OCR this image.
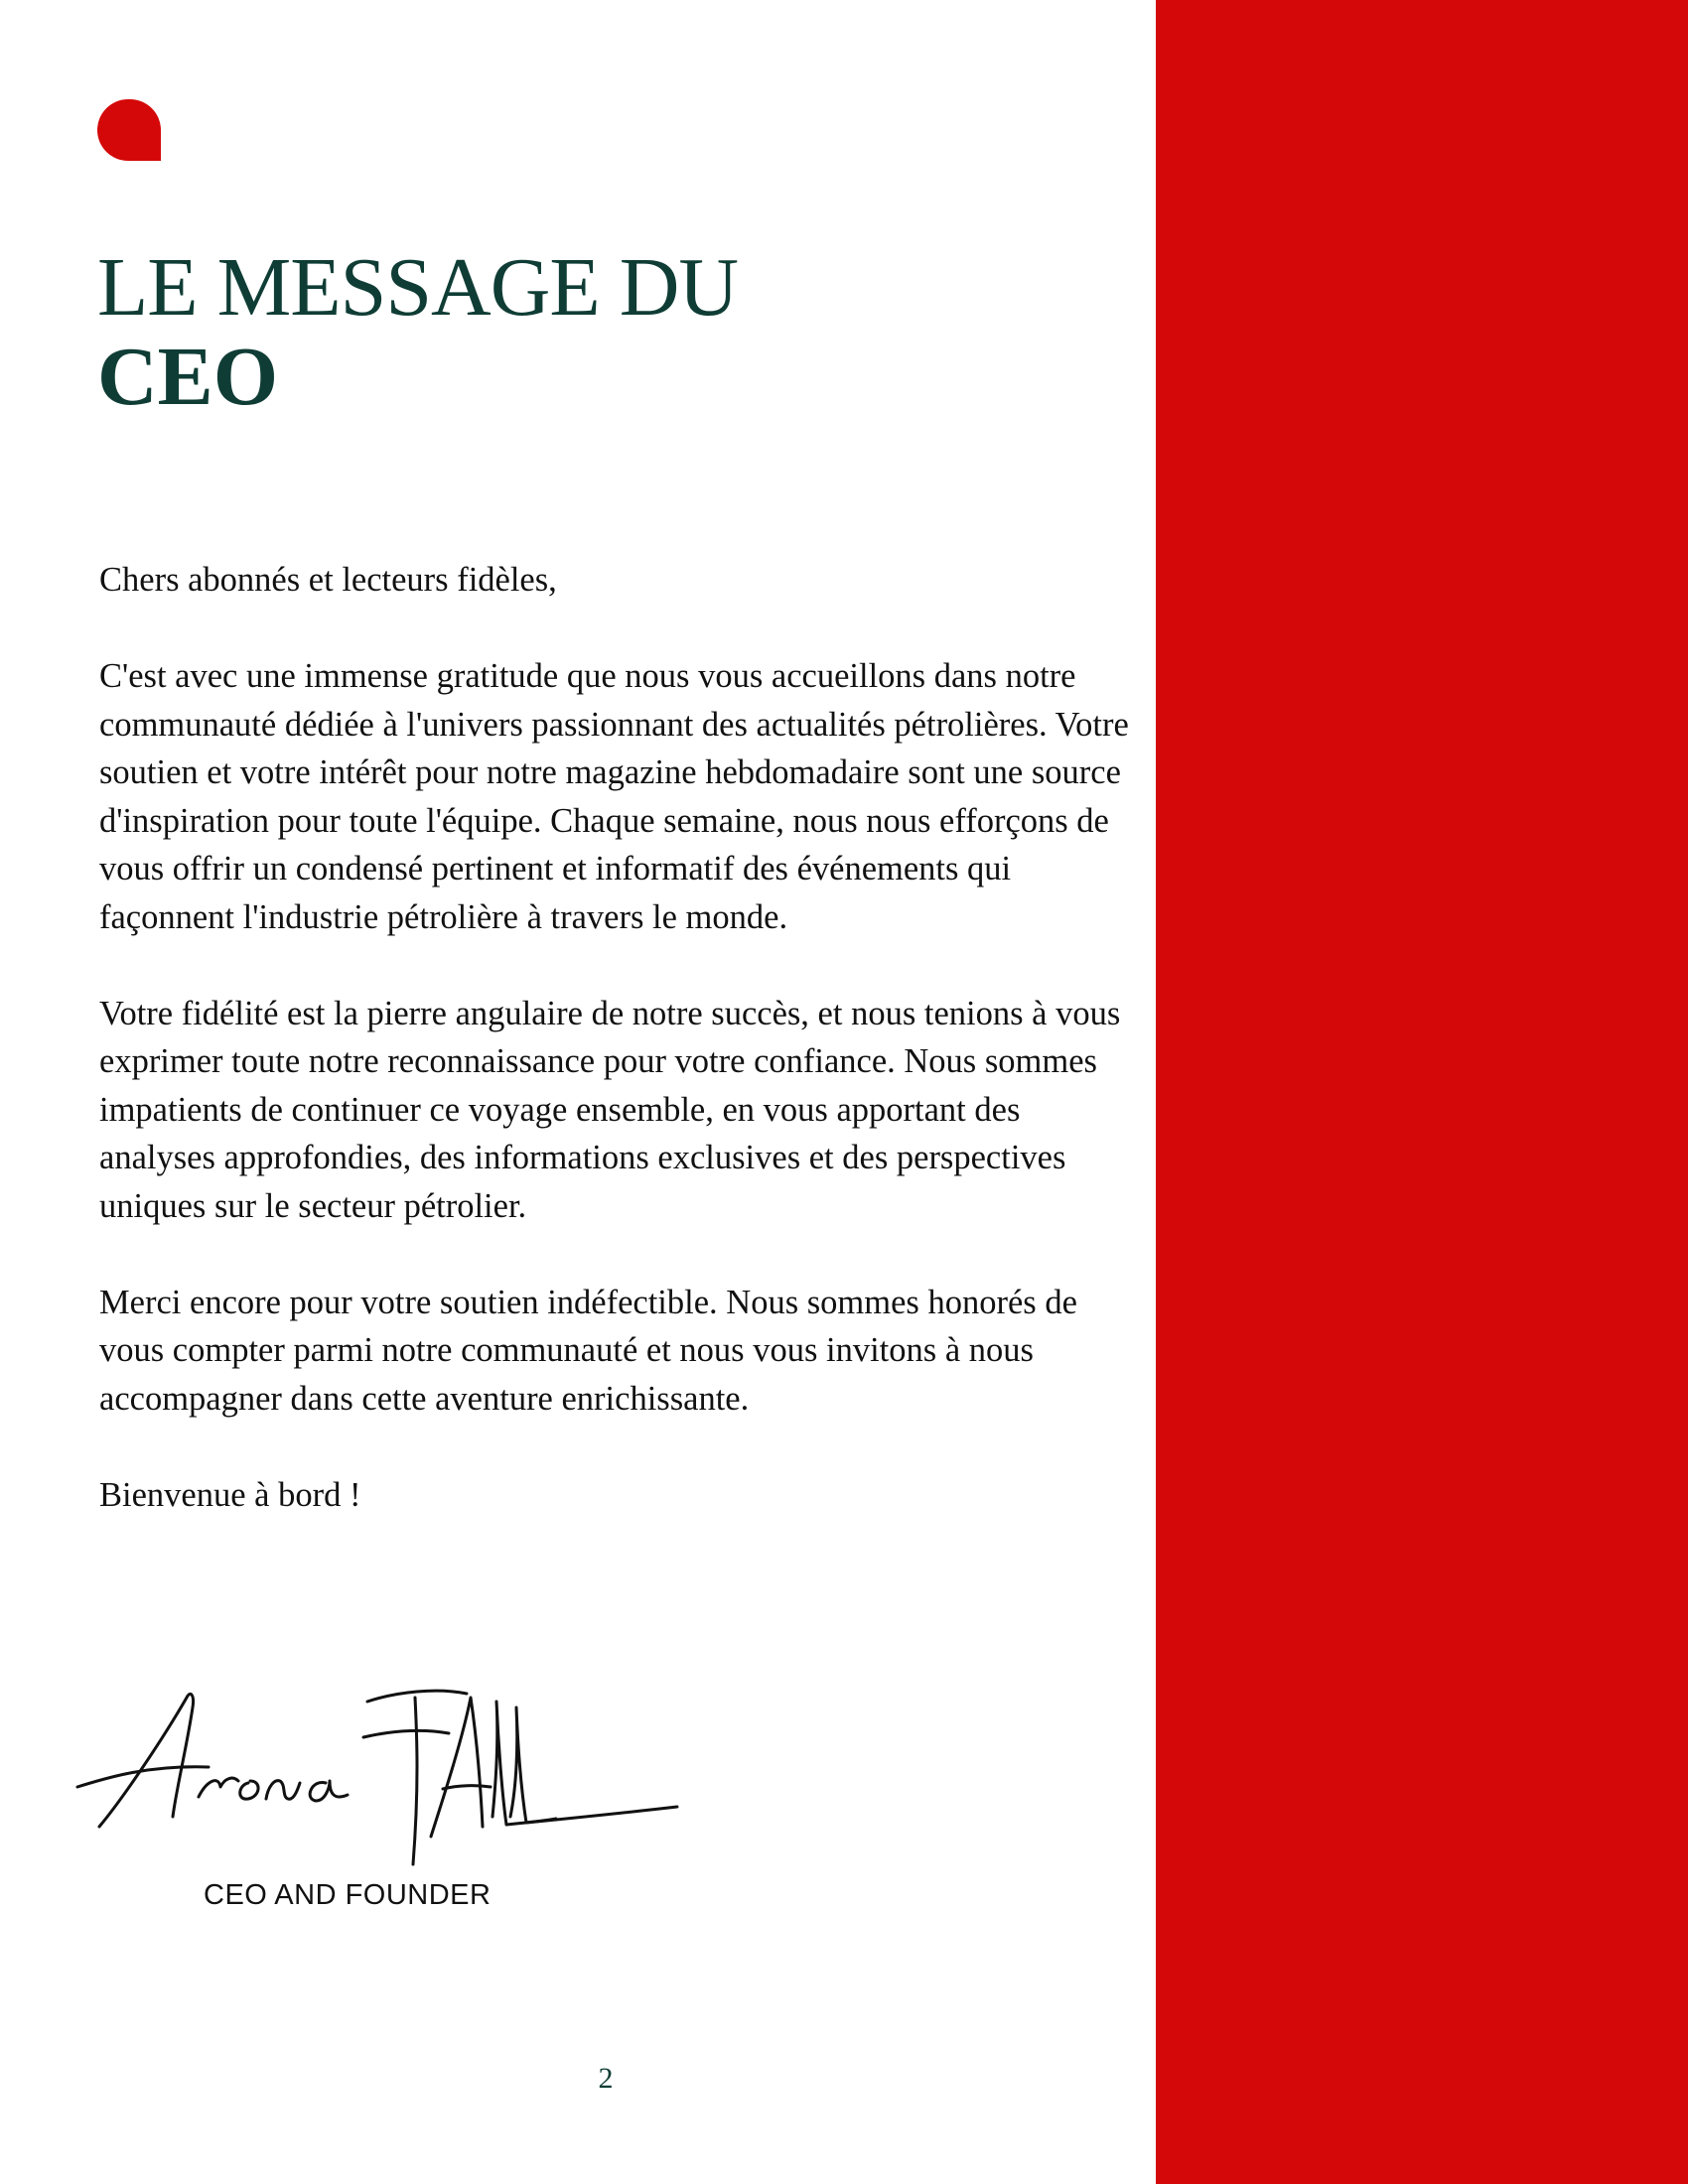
LE MESSAGE DU
CEO

Chers abonnés et lecteurs fidèles,

C'est avec une immense gratitude que nous vous accueillons dans notre communauté dédiée à l'univers passionnant des actualités pétrolières. Votre soutien et votre intérêt pour notre magazine hebdomadaire sont une source d'inspiration pour toute l'équipe. Chaque semaine, nous nous efforçons de vous offrir un condensé pertinent et informatif des événements qui façonnent l'industrie pétrolière à travers le monde.

Votre fidélité est la pierre angulaire de notre succès, et nous tenions à vous exprimer toute notre reconnaissance pour votre confiance. Nous sommes impatients de continuer ce voyage ensemble, en vous apportant des analyses approfondies, des informations exclusives et des perspectives uniques sur le secteur pétrolier.

Merci encore pour votre soutien indéfectible. Nous sommes honorés de vous compter parmi notre communauté et nous vous invitons à nous accompagner dans cette aventure enrichissante.

Bienvenue à bord !

CEO AND FOUNDER
2
